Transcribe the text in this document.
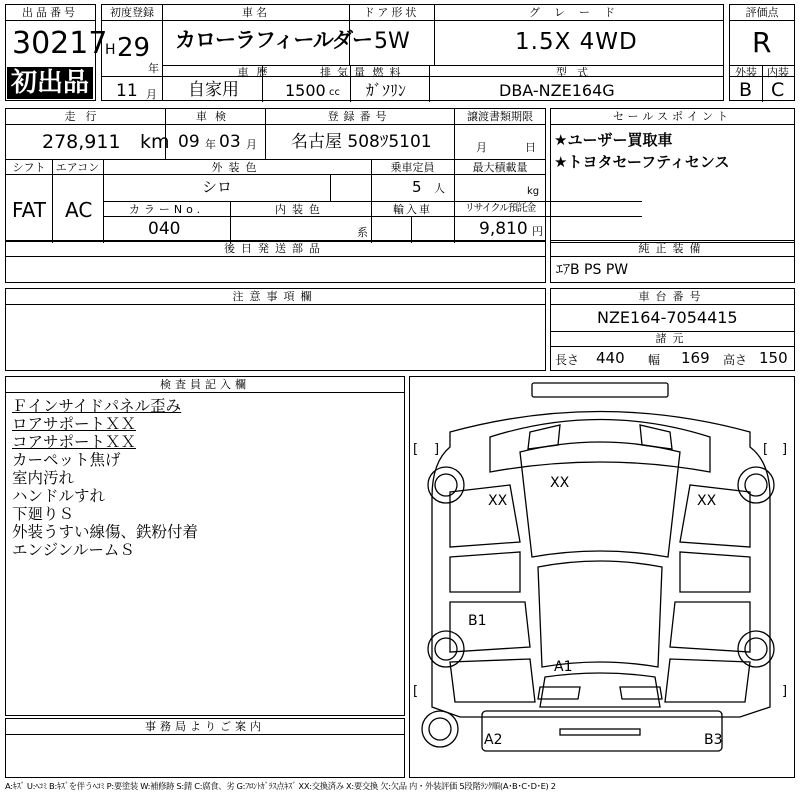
出品番号
30217
初出品
初度登録
H 29
年
11 月
車名
カローラフィールダー
ドア形状
5W
グレード
1.5X 4WD
車歴
自家用
排気量
1500 cc
燃料
ｶﾞｿﾘﾝ
型式
DBA-NZE164G
評価点
R
外装 内装
B C
走行
278,911 km
車検
09 年 03 月
登録番号
名古屋 508ﾂ5101
譲渡書類期限
月	日
シフト
FAT
エアコン
AC
外装色
シロ
乗車定員
5 人
最大積載量
kg
カラーNo.
040
内装色
系
輸入車	リサイクル預託金
9,810 円
後日発送部品
セールスポイント
★ユーザー買取車
★トヨタセーフティセンス
純正装備
ｴｱB PS PW
注意事項欄	車台番号
NZE164-7054415
諸元
長さ 440 幅 169 高さ 150
検査員記入欄
Ｆインサイドパネル歪み
ロアサポートＸＸ
コアサポートＸＸ
カーペット焦げ
室内汚れ
ハンドルすれ
下廻りＳ
外装うすい線傷、鉄粉付着
エンジンルームＳ
事務局よりご案内
[ ]	[ ]
[	]
XX
XX	XX
B1
A1
A2	B3
A:ｷｽﾞ U:ﾍｺﾐ B:ｷｽﾞを伴うﾍｺﾐ P:要塗装 W:補修跡 S:錆 C:腐食、劣 G:ﾌﾛﾝﾄｶﾞﾗｽ点ｷｽﾞ XX:交換済み X:要交換 欠:欠品 内・外装評価 5段階ﾗﾝｸ順(A･B･C･D･E) 2
